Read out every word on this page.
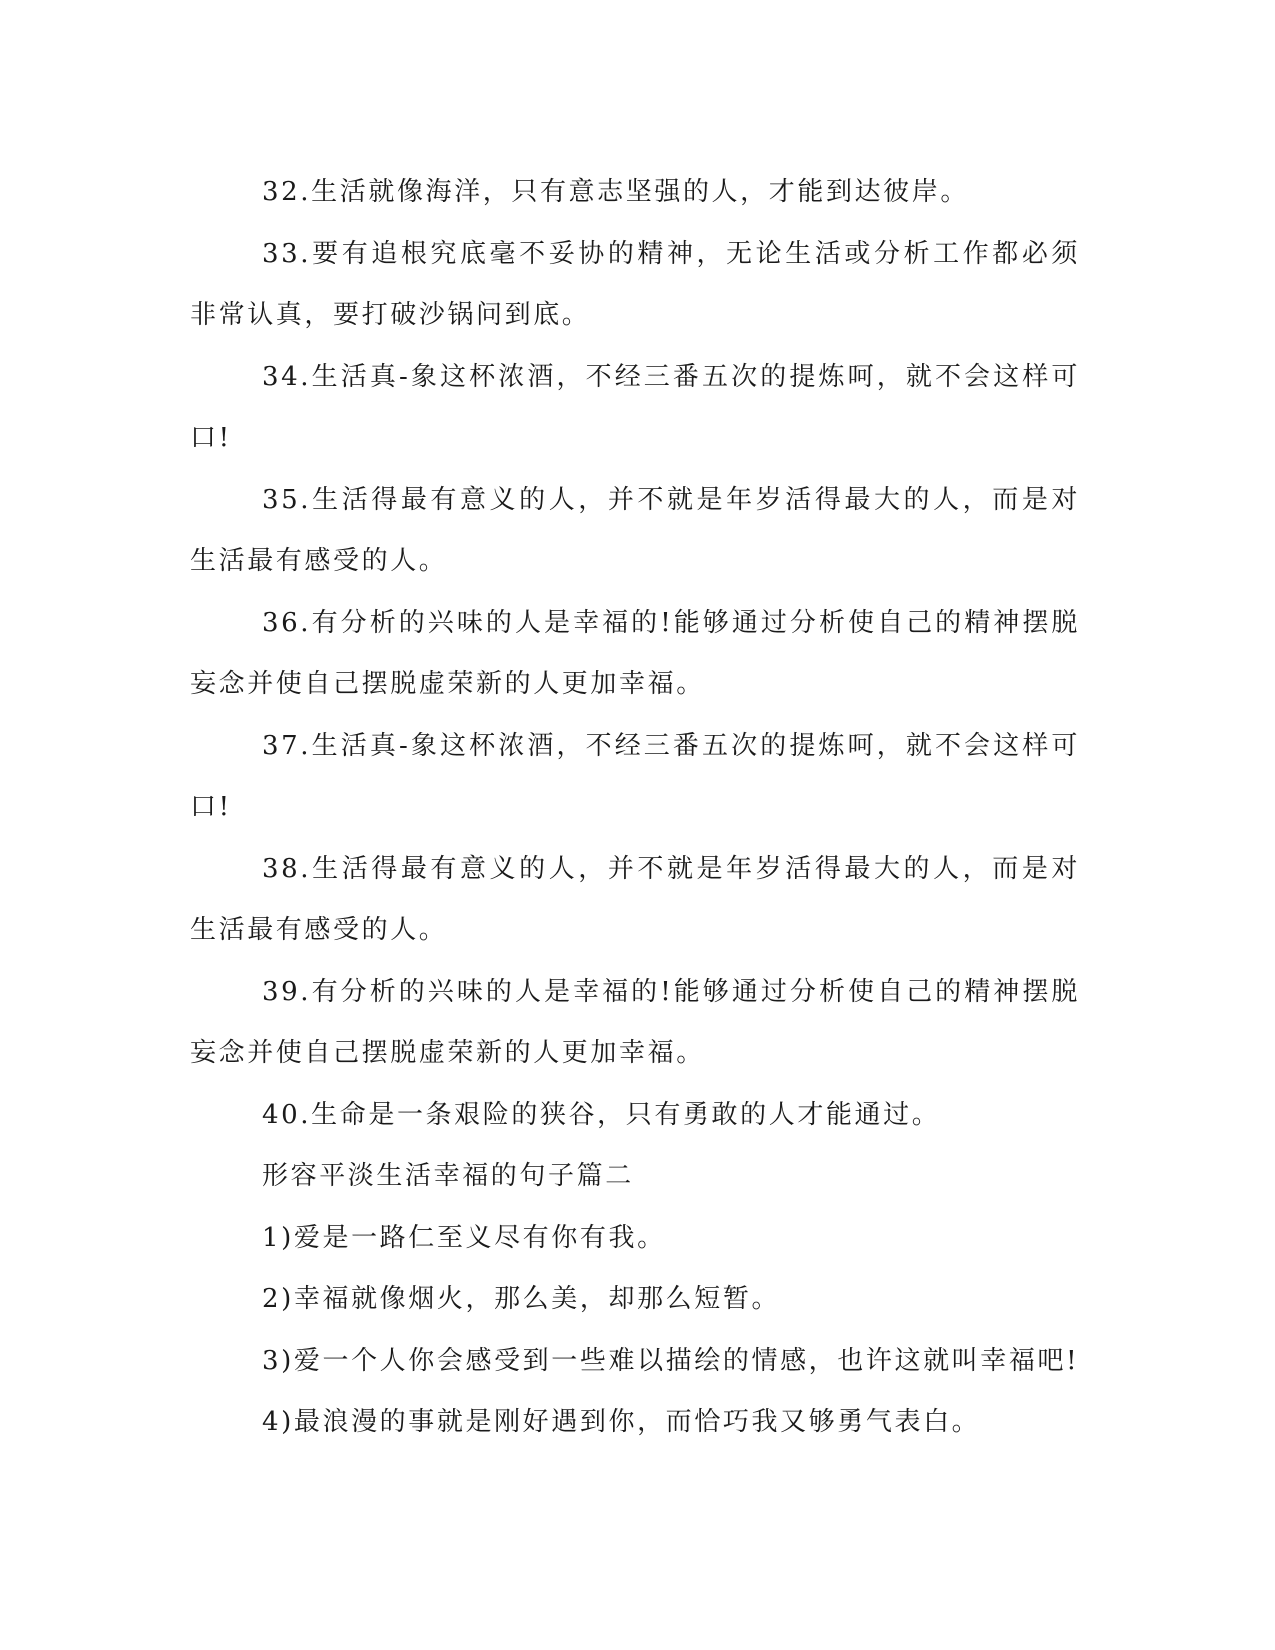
32.生活就像海洋，只有意志坚强的人，才能到达彼岸。

33.要有追根究底毫不妥协的精神，无论生活或分析工作都必须非常认真，要打破沙锅问到底。

34.生活真-象这杯浓酒，不经三番五次的提炼呵，就不会这样可口!

35.生活得最有意义的人，并不就是年岁活得最大的人，而是对生活最有感受的人。

36.有分析的兴味的人是幸福的!能够通过分析使自己的精神摆脱妄念并使自己摆脱虚荣新的人更加幸福。

37.生活真-象这杯浓酒，不经三番五次的提炼呵，就不会这样可口!

38.生活得最有意义的人，并不就是年岁活得最大的人，而是对生活最有感受的人。

39.有分析的兴味的人是幸福的!能够通过分析使自己的精神摆脱妄念并使自己摆脱虚荣新的人更加幸福。

40.生命是一条艰险的狭谷，只有勇敢的人才能通过。

形容平淡生活幸福的句子篇二

1)爱是一路仁至义尽有你有我。

2)幸福就像烟火，那么美，却那么短暂。

3)爱一个人你会感受到一些难以描绘的情感，也许这就叫幸福吧!

4)最浪漫的事就是刚好遇到你，而恰巧我又够勇气表白。
